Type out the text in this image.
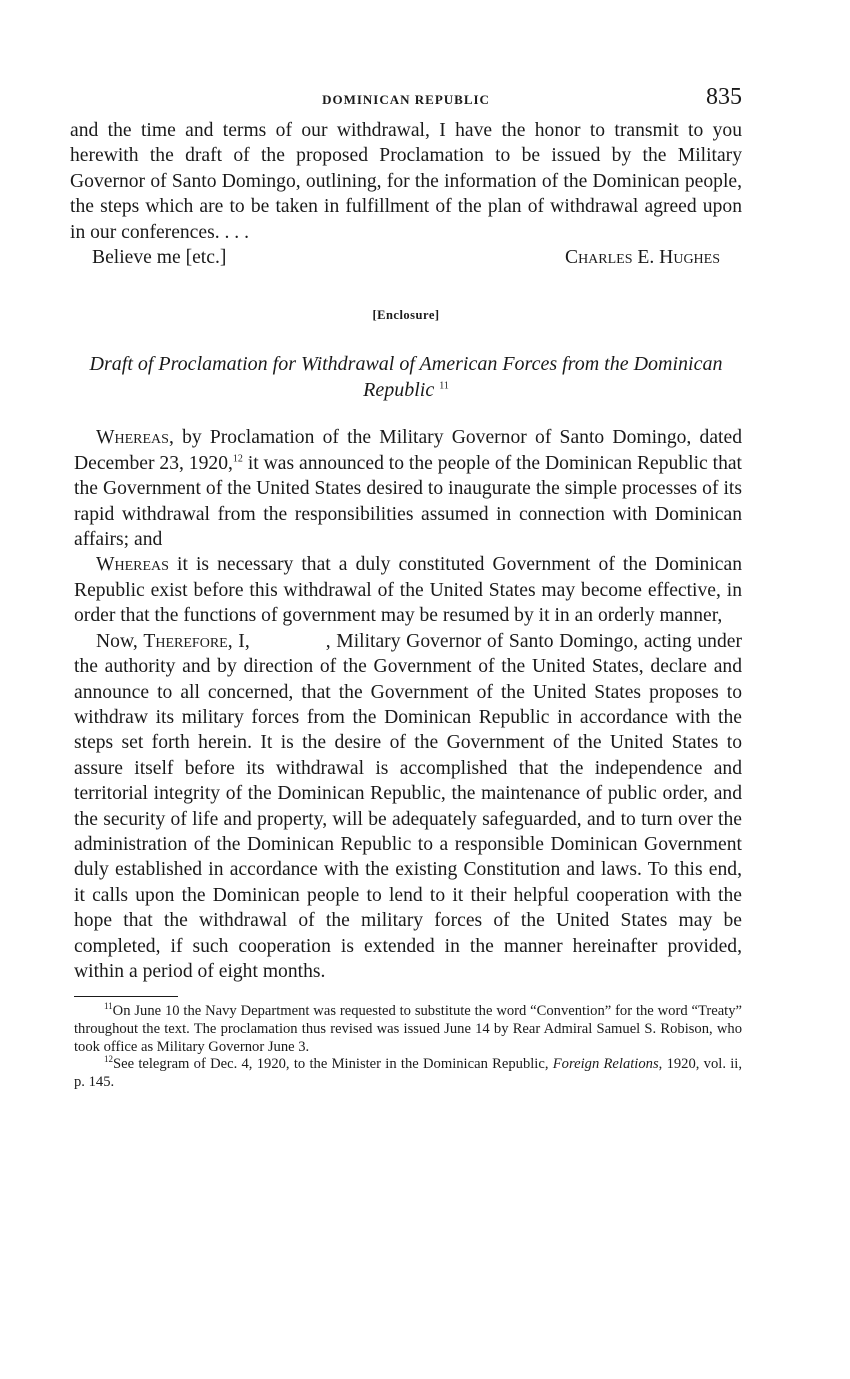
DOMINICAN REPUBLIC	835

and the time and terms of our withdrawal, I have the honor to transmit to you herewith the draft of the proposed Proclamation to be issued by the Military Governor of Santo Domingo, outlining, for the information of the Dominican people, the steps which are to be taken in fulfillment of the plan of withdrawal agreed upon in our conferences. . . .

Believe me [etc.]	Charles E. Hughes
[Enclosure]
Draft of Proclamation for Withdrawal of American Forces from the Dominican Republic $^{11}$

Whereas, by Proclamation of the Military Governor of Santo Domingo, dated December 23, 1920,12 it was announced to the people of the Dominican Republic that the Government of the United States desired to inaugurate the simple processes of its rapid withdrawal from the responsibilities assumed in connection with Dominican affairs; and

Whereas it is necessary that a duly constituted Government of the Dominican Republic exist before this withdrawal of the United States may become effective, in order that the functions of government may be resumed by it in an orderly manner,

Now, Therefore, I,	, Military Governor of Santo Domingo, acting under the authority and by direction of the Government of the United States, declare and announce to all concerned, that the Government of the United States proposes to withdraw its military forces from the Dominican Republic in accordance with the steps set forth herein. It is the desire of the Government of the United States to assure itself before its withdrawal is accomplished that the independence and territorial integrity of the Dominican Republic, the maintenance of public order, and the security of life and property, will be adequately safeguarded, and to turn over the administration of the Dominican Republic to a responsible Dominican Government duly established in accordance with the existing Constitution and laws. To this end, it calls upon the Dominican people to lend to it their helpful cooperation with the hope that the withdrawal of the military forces of the United States may be completed, if such cooperation is extended in the manner hereinafter provided, within a period of eight months.

$^{11}$On June 10 the Navy Department was requested to substitute the word “Convention” for the word “Treaty” throughout the text. The proclamation thus revised was issued June 14 by Rear Admiral Samuel S. Robison, who took office as Military Governor June 3.

$^{12}$See telegram of Dec. 4, 1920, to the Minister in the Dominican Republic, Foreign Relations, 1920, vol. ii, p. 145.
